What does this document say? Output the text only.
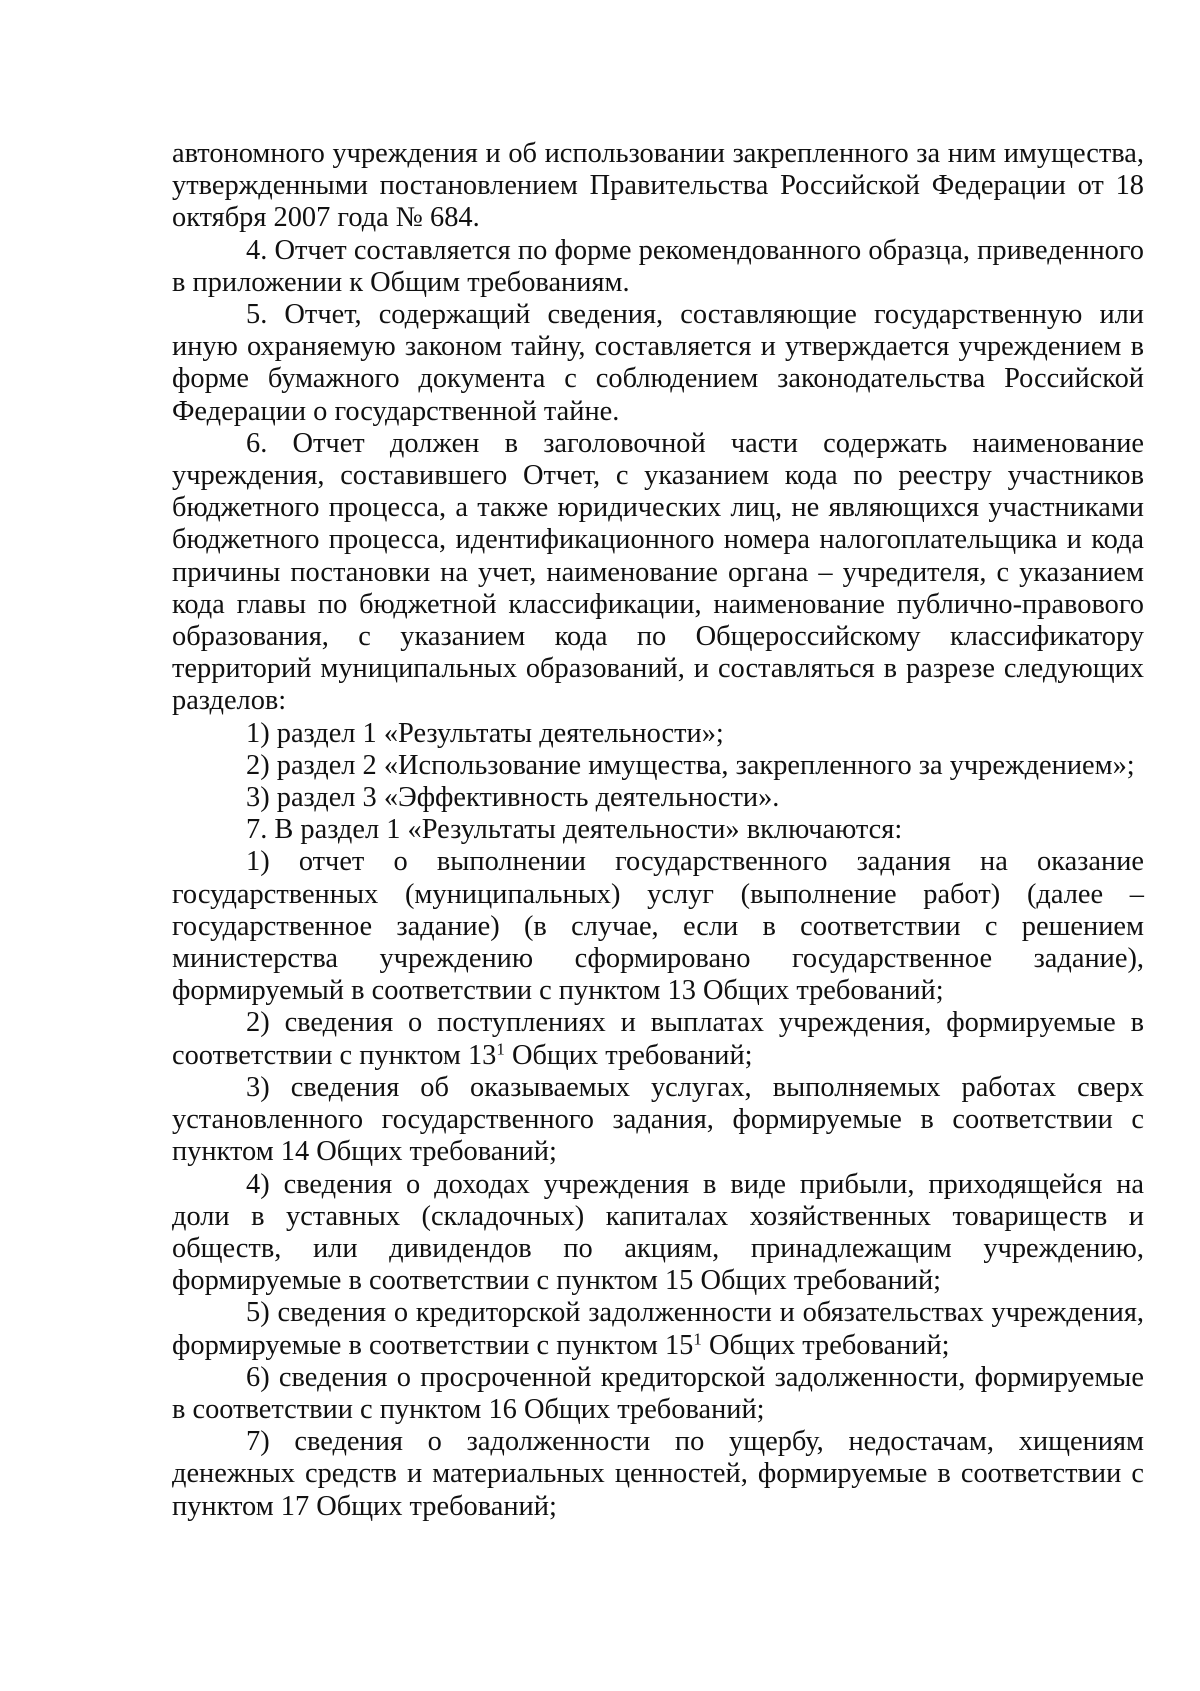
автономного учреждения и об использовании закрепленного за ним имущества, утвержденными постановлением Правительства Российской Федерации от 18 октября 2007 года № 684.

4. Отчет составляется по форме рекомендованного образца, приведенного в приложении к Общим требованиям.

5. Отчет, содержащий сведения, составляющие государственную или иную охраняемую законом тайну, составляется и утверждается учреждением в форме бумажного документа с соблюдением законодательства Российской Федерации о государственной тайне.

6. Отчет должен в заголовочной части содержать наименование учреждения, составившего Отчет, с указанием кода по реестру участников бюджетного процесса, а также юридических лиц, не являющихся участниками бюджетного процесса, идентификационного номера налогоплательщика и кода причины постановки на учет, наименование органа – учредителя, с указанием кода главы по бюджетной классификации, наименование публично-правового образования, с указанием кода по Общероссийскому классификатору территорий муниципальных образований, и составляться в разрезе следующих разделов:

1) раздел 1 «Результаты деятельности»;

2) раздел 2 «Использование имущества, закрепленного за учреждением»;

3) раздел 3 «Эффективность деятельности».

7. В раздел 1 «Результаты деятельности» включаются:

1) отчет о выполнении государственного задания на оказание государственных (муниципальных) услуг (выполнение работ) (далее – государственное задание) (в случае, если в соответствии с решением министерства учреждению сформировано государственное задание), формируемый в соответствии с пунктом 13 Общих требований;

2) сведения о поступлениях и выплатах учреждения, формируемые в соответствии с пунктом $13^1$ Общих требований;

3) сведения об оказываемых услугах, выполняемых работах сверх установленного государственного задания, формируемые в соответствии с пунктом 14 Общих требований;

4) сведения о доходах учреждения в виде прибыли, приходящейся на доли в уставных (складочных) капиталах хозяйственных товариществ и обществ, или дивидендов по акциям, принадлежащим учреждению, формируемые в соответствии с пунктом 15 Общих требований;

5) сведения о кредиторской задолженности и обязательствах учреждения, формируемые в соответствии с пунктом $15^1$ Общих требований;

6) сведения о просроченной кредиторской задолженности, формируемые в соответствии с пунктом 16 Общих требований;

7) сведения о задолженности по ущербу, недостачам, хищениям денежных средств и материальных ценностей, формируемые в соответствии с пунктом 17 Общих требований;
